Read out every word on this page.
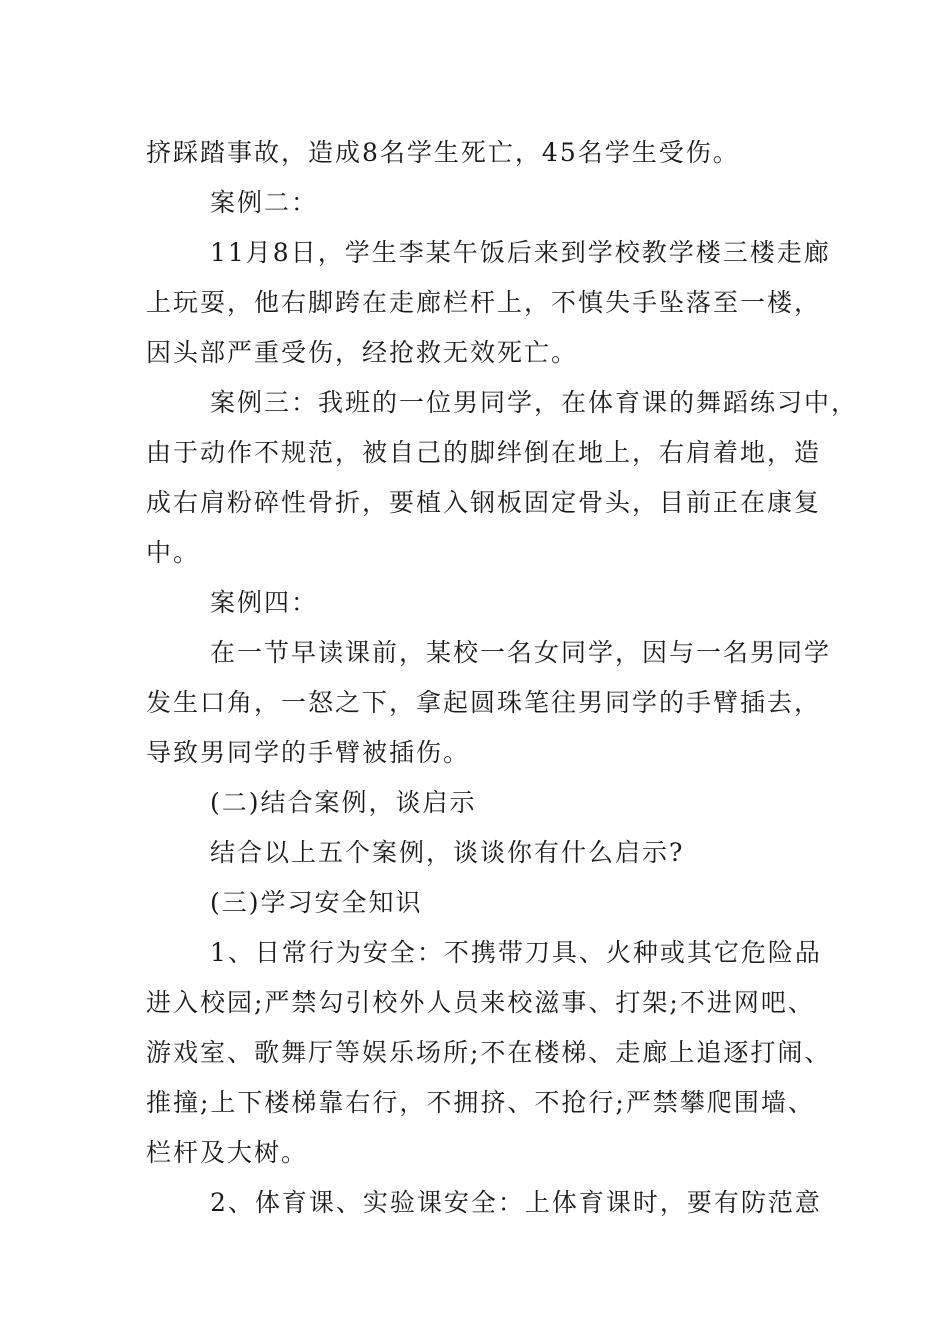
挤踩踏事故，造成8名学生死亡，45名学生受伤。
案例二：
11月8日，学生李某午饭后来到学校教学楼三楼走廊
上玩耍，他右脚跨在走廊栏杆上，不慎失手坠落至一楼，
因头部严重受伤，经抢救无效死亡。
案例三：我班的一位男同学，在体育课的舞蹈练习中，
由于动作不规范，被自己的脚绊倒在地上，右肩着地，造
成右肩粉碎性骨折，要植入钢板固定骨头，目前正在康复
中。
案例四：
在一节早读课前，某校一名女同学，因与一名男同学
发生口角，一怒之下，拿起圆珠笔往男同学的手臂插去，
导致男同学的手臂被插伤。
(二)结合案例，谈启示
结合以上五个案例，谈谈你有什么启示?
(三)学习安全知识
1、日常行为安全：不携带刀具、火种或其它危险品
进入校园;严禁勾引校外人员来校滋事、打架;不进网吧、
游戏室、歌舞厅等娱乐场所;不在楼梯、走廊上追逐打闹、
推撞;上下楼梯靠右行，不拥挤、不抢行;严禁攀爬围墙、
栏杆及大树。
2、体育课、实验课安全：上体育课时，要有防范意
